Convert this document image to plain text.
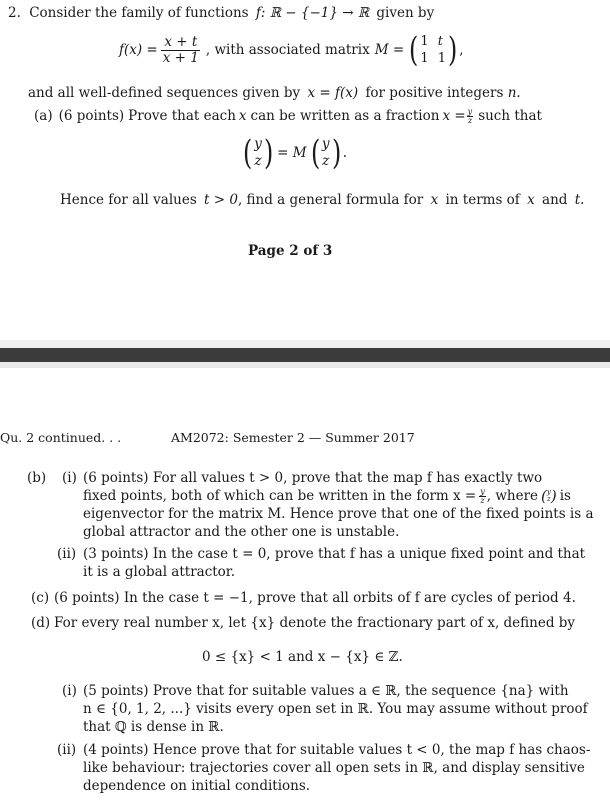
2. Consider the family of functions f: ℝ − {−1} → ℝ given by
$f(x) = \frac{x + t}{x + 1}$ , with associated matrix M = ( 1 t
1 1 ) ,
and all well-defined sequences given by x = f(x) for positive integers n.
(a) (6 points) Prove that each x can be written as a fraction $x = \frac{y}{z}$ such that
( y
z ) = M ( y
z ) .
Hence for all values t > 0, find a general formula for x in terms of x and t.
Page 2 of 3
Qu. 2 continued. . .	AM2072: Semester 2 — Summer 2017
(b) (i) (6 points) For all values t > 0, prove that the map f has exactly two
fixed points, both of which can be written in the form $x = \frac{y}{z}$ , where ( y
z ) is
eigenvector for the matrix M. Hence prove that one of the fixed points is a
global attractor and the other one is unstable.
(ii) (3 points) In the case t = 0, prove that f has a unique fixed point and that
it is a global attractor.
(c) (6 points) In the case t = −1, prove that all orbits of f are cycles of period 4.
(d) For every real number x, let {x} denote the fractionary part of x, defined by
0 ≤ {x} < 1 and x − {x} ∈ ℤ.
(i) (5 points) Prove that for suitable values a ∈ ℝ, the sequence {na} with
n ∈ {0, 1, 2, ...} visits every open set in ℝ. You may assume without proof
that ℚ is dense in ℝ.
(ii) (4 points) Hence prove that for suitable values t < 0, the map f has chaos-
like behaviour: trajectories cover all open sets in ℝ, and display sensitive
dependence on initial conditions.
